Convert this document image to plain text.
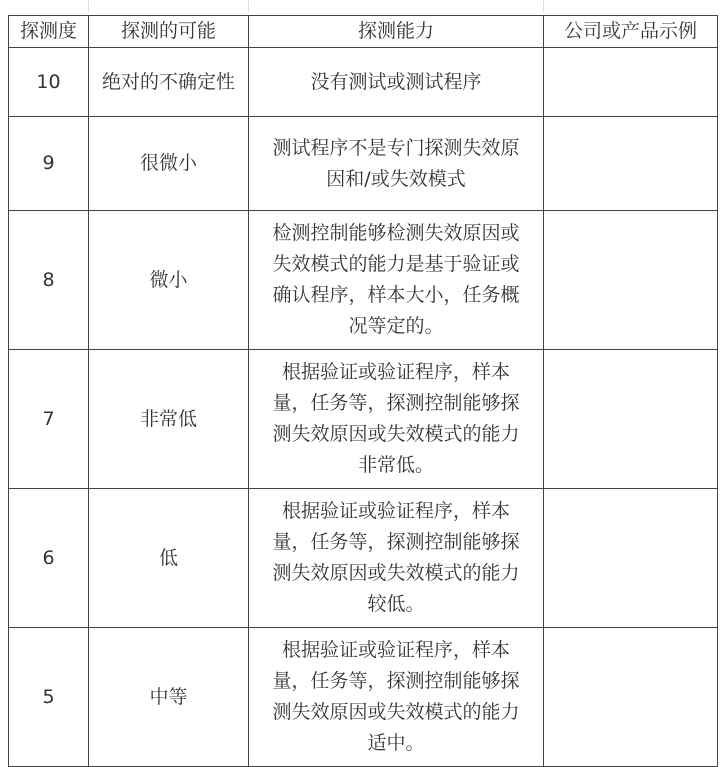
探测度	探测的可能	探测能力	公司或产品示例
10	绝对的不确定性	没有测试或测试程序	

9	很微小	测试程序不是专门探测失效原
因和/或失效模式	

8	微小	检测控制能够检测失效原因或
失效模式的能力是基于验证或
确认程序，样本大小，任务概
况等定的。	

7	非常低	根据验证或验证程序，样本
量，任务等，探测控制能够探
测失效原因或失效模式的能力
非常低。	

6	低	根据验证或验证程序，样本
量，任务等，探测控制能够探
测失效原因或失效模式的能力
较低。	

5	中等	根据验证或验证程序，样本
量，任务等，探测控制能够探
测失效原因或失效模式的能力
适中。	
